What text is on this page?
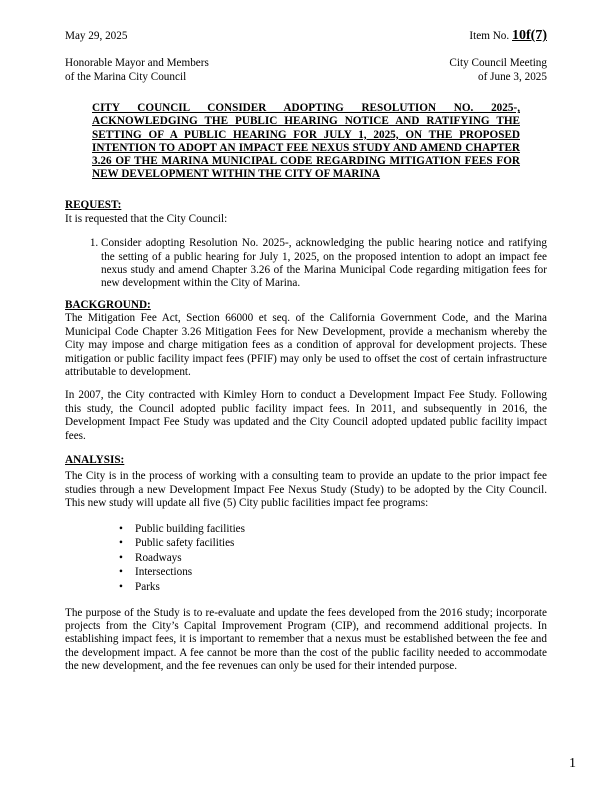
May 29, 2025	Item No. 10f(7)
Honorable Mayor and Members
of the Marina City Council
City Council Meeting
of June 3, 2025
CITY COUNCIL CONSIDER ADOPTING RESOLUTION NO. 2025-, ACKNOWLEDGING THE PUBLIC HEARING NOTICE AND RATIFYING THE SETTING OF A PUBLIC HEARING FOR JULY 1, 2025, ON THE PROPOSED INTENTION TO ADOPT AN IMPACT FEE NEXUS STUDY AND AMEND CHAPTER 3.26 OF THE MARINA MUNICIPAL CODE REGARDING MITIGATION FEES FOR NEW DEVELOPMENT WITHIN THE CITY OF MARINA
REQUEST:

It is requested that the City Council:

1. Consider adopting Resolution No. 2025-, acknowledging the public hearing notice and ratifying the setting of a public hearing for July 1, 2025, on the proposed intention to adopt an impact fee nexus study and amend Chapter 3.26 of the Marina Municipal Code regarding mitigation fees for new development within the City of Marina.
BACKGROUND:

The Mitigation Fee Act, Section 66000 et seq. of the California Government Code, and the Marina Municipal Code Chapter 3.26 Mitigation Fees for New Development, provide a mechanism whereby the City may impose and charge mitigation fees as a condition of approval for development projects. These mitigation or public facility impact fees (PFIF) may only be used to offset the cost of certain infrastructure attributable to development.

In 2007, the City contracted with Kimley Horn to conduct a Development Impact Fee Study. Following this study, the Council adopted public facility impact fees. In 2011, and subsequently in 2016, the Development Impact Fee Study was updated and the City Council adopted updated public facility impact fees.

ANALYSIS:

The City is in the process of working with a consulting team to provide an update to the prior impact fee studies through a new Development Impact Fee Nexus Study (Study) to be adopted by the City Council. This new study will update all five (5) City public facilities impact fee programs:

• Public building facilities
• Public safety facilities
• Roadways
• Intersections
• Parks

The purpose of the Study is to re-evaluate and update the fees developed from the 2016 study; incorporate projects from the City’s Capital Improvement Program (CIP), and recommend additional projects. In establishing impact fees, it is important to remember that a nexus must be established between the fee and the development impact. A fee cannot be more than the cost of the public facility needed to accommodate the new development, and the fee revenues can only be used for their intended purpose.

1
